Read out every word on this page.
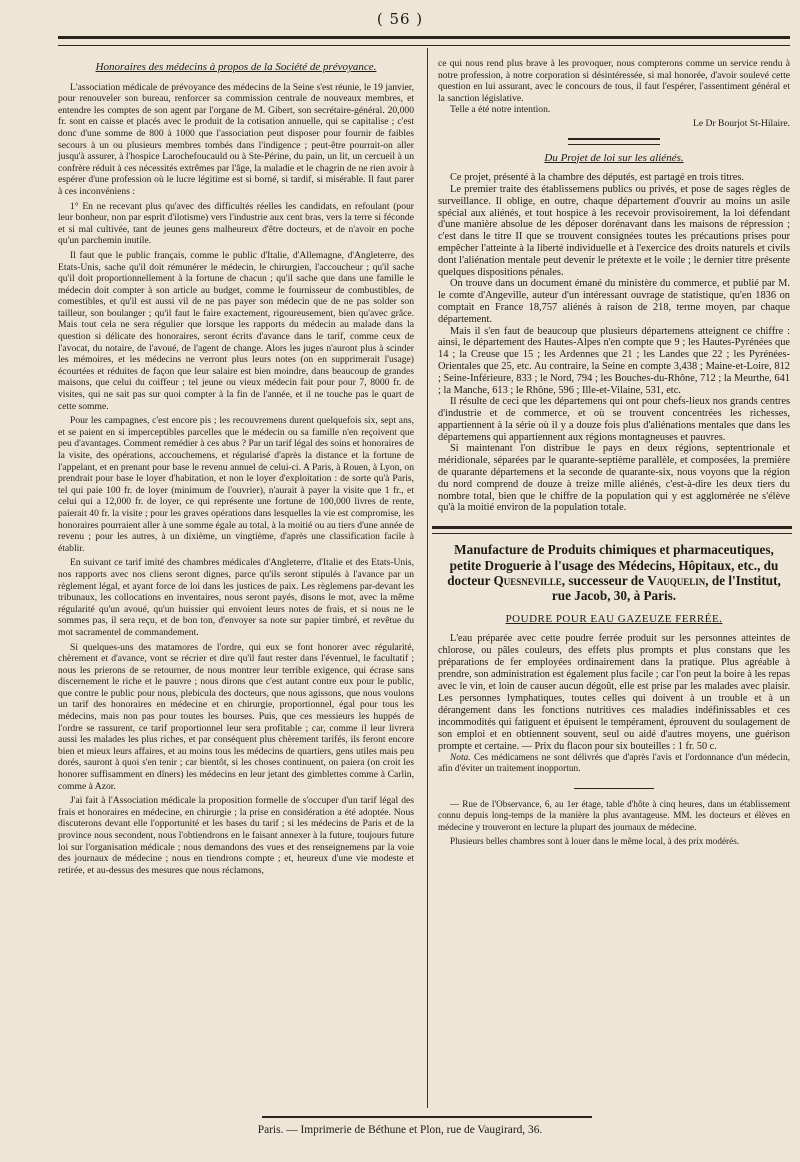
( 56 )
Honoraires des médecins à propos de la Société de prévoyance.

L'association médicale de prévoyance des médecins de la Seine s'est réunie, le 19 janvier, pour renouveler son bureau, renforcer sa commission centrale de nouveaux membres, et entendre les comptes de son agent par l'organe de M. Gibert, son secrétaire-général. 20,000 fr. sont en caisse et placés avec le produit de la cotisation annuelle, qui se capitalise ; c'est donc d'une somme de 800 à 1000 que l'association peut disposer pour fournir de faibles secours à un ou plusieurs membres tombés dans l'indigence ; peut-être pourrait-on aller jusqu'à assurer, à l'hospice Larochefoucauld ou à Ste-Périne, du pain, un lit, un cercueil à un confrère réduit à ces nécessités extrêmes par l'âge, la maladie et le chagrin de ne rien avoir à espérer d'une profession où le lucre légitime est si borné, si tardif, si misérable. Il faut parer à ces inconvéniens :

1° En ne recevant plus qu'avec des difficultés réelles les candidats, en refoulant (pour leur bonheur, non par esprit d'ilotisme) vers l'industrie aux cent bras, vers la terre si féconde et si mal cultivée, tant de jeunes gens malheureux d'être docteurs, et de n'avoir en poche qu'un parchemin inutile.

Il faut que le public français, comme le public d'Italie, d'Allemagne, d'Angleterre, des Etats-Unis, sache qu'il doit rémunérer le médecin, le chirurgien, l'accoucheur ; qu'il sache qu'il doit proportionnellement à la fortune de chacun ; qu'il sache que dans une famille le médecin doit compter à son article au budget, comme le fournisseur de combustibles, de comestibles, et qu'il est aussi vil de ne pas payer son médecin que de ne pas solder son tailleur, son boulanger ; qu'il faut le faire exactement, rigoureusement, bien qu'avec grâce. Mais tout cela ne sera régulier que lorsque les rapports du médecin au malade dans la question si délicate des honoraires, seront écrits d'avance dans le tarif, comme ceux de l'avocat, du notaire, de l'avoué, de l'agent de change. Alors les juges n'auront plus à scinder les mémoires, et les médecins ne verront plus leurs notes (on en supprimerait l'usage) écourtées et réduites de façon que leur salaire est bien moindre, dans beaucoup de grandes maisons, que celui du coiffeur ; tel jeune ou vieux médecin fait pour pour 7, 8000 fr. de visites, qui ne sait pas sur quoi compter à la fin de l'année, et il ne touche pas le quart de cette somme.

Pour les campagnes, c'est encore pis ; les recouvremens durent quelquefois six, sept ans, et se paient en si imperceptibles parcelles que le médecin ou sa famille n'en reçoivent que peu d'avantages. Comment remédier à ces abus ? Par un tarif légal des soins et honoraires de la visite, des opérations, accouchemens, et régularisé d'après la distance et la fortune de l'appelant, et en prenant pour base le revenu annuel de celui-ci. A Paris, à Rouen, à Lyon, on prendrait pour base le loyer d'habitation, et non le loyer d'exploitation : de sorte qu'à Paris, tel qui paie 100 fr. de loyer (minimum de l'ouvrier), n'aurait à payer la visite que 1 fr., et celui qui a 12,000 fr. de loyer, ce qui représente une fortune de 100,000 livres de rente, paierait 40 fr. la visite ; pour les graves opérations dans lesquelles la vie est compromise, les honoraires pourraient aller à une somme égale au total, à la moitié ou au tiers d'une année de revenu ; pour les autres, à un dixième, un vingtième, d'après une classification facile à établir.

En suivant ce tarif imité des chambres médicales d'Angleterre, d'Italie et des Etats-Unis, nos rapports avec nos cliens seront dignes, parce qu'ils seront stipulés à l'avance par un règlement légal, et ayant force de loi dans les justices de paix. Les règlemens par-devant les tribunaux, les collocations en inventaires, nous seront payés, disons le mot, avec la même régularité qu'un avoué, qu'un huissier qui envoient leurs notes de frais, et si nous ne le sommes pas, il sera reçu, et de bon ton, d'envoyer sa note sur papier timbré, et revêtue du mot sacramentel de commandement.

Si quelques-uns des matamores de l'ordre, qui eux se font honorer avec régularité, chèrement et d'avance, vont se récrier et dire qu'il faut rester dans l'éventuel, le facultatif ; nous les prierons de se retourner, de nous montrer leur terrible exigence, qui écrase sans discernement le riche et le pauvre ; nous dirons que c'est autant contre eux pour le public, que contre le public pour nous, plebicula des docteurs, que nous agissons, que nous voulons un tarif des honoraires en médecine et en chirurgie, proportionnel, égal pour tous les médecins, mais non pas pour toutes les bourses. Puis, que ces messieurs les huppés de l'ordre se rassurent, ce tarif proportionnel leur sera profitable ; car, comme il leur livrera aussi les malades les plus riches, et par conséquent plus chèrement tarifés, ils feront encore bien et mieux leurs affaires, et au moins tous les médecins de quartiers, gens utiles mais peu dorés, sauront à quoi s'en tenir ; car bientôt, si les choses continuent, on paiera (on croit les honorer suffisamment en dîners) les médecins en leur jetant des gimblettes comme à Carlin, comme à Azor.

J'ai fait à l'Association médicale la proposition formelle de s'occuper d'un tarif légal des frais et honoraires en médecine, en chirurgie ; la prise en considération a été adoptée. Nous discuterons devant elle l'opportunité et les bases du tarif ; si les médecins de Paris et de la province nous secondent, nous l'obtiendrons en le faisant annexer à la future, toujours future loi sur l'organisation médicale ; nous demandons des vues et des renseignemens par la voie des journaux de médecine ; nous en tiendrons compte ; et, heureux d'une vie modeste et retirée, et au-dessus des mesures que nous réclamons,

ce qui nous rend plus brave à les provoquer, nous compterons comme un service rendu à notre profession, à notre corporation si désintéressée, si mal honorée, d'avoir soulevé cette question en lui assurant, avec le concours de tous, il faut l'espérer, l'assentiment général et la sanction législative.

Telle a été notre intention.

Le Dr Bourjot St-Hilaire.
Du Projet de loi sur les aliénés.

Ce projet, présenté à la chambre des députés, est partagé en trois titres.

Le premier traite des établissemens publics ou privés, et pose de sages règles de surveillance. Il oblige, en outre, chaque département d'ouvrir au moins un asile spécial aux aliénés, et tout hospice à les recevoir provisoirement, la loi défendant d'une manière absolue de les déposer dorénavant dans les maisons de répression ; c'est dans le titre II que se trouvent consignées toutes les précautions prises pour empêcher l'atteinte à la liberté individuelle et à l'exercice des droits naturels et civils dont l'aliénation mentale peut devenir le prétexte et le voile ; le dernier titre présente quelques dispositions pénales.

On trouve dans un document émané du ministère du commerce, et publié par M. le comte d'Angeville, auteur d'un intéressant ouvrage de statistique, qu'en 1836 on comptait en France 18,757 aliénés à raison de 218, terme moyen, par chaque département.

Mais il s'en faut de beaucoup que plusieurs départemens atteignent ce chiffre : ainsi, le département des Hautes-Alpes n'en compte que 9 ; les Hautes-Pyrénées que 14 ; la Creuse que 15 ; les Ardennes que 21 ; les Landes que 22 ; les Pyrénées-Orientales que 25, etc. Au contraire, la Seine en compte 3,438 ; Maine-et-Loire, 812 ; Seine-Inférieure, 833 ; le Nord, 794 ; les Bouches-du-Rhône, 712 ; la Meurthe, 641 ; la Manche, 613 ; le Rhône, 596 ; Ille-et-Vilaine, 531, etc.

Il résulte de ceci que les départemens qui ont pour chefs-lieux nos grands centres d'industrie et de commerce, et où se trouvent concentrées les richesses, appartiennent à la série où il y a douze fois plus d'aliénations mentales que dans les départemens qui appartiennent aux régions montagneuses et pauvres.

Si maintenant l'on distribue le pays en deux régions, septentrionale et méridionale, séparées par le quarante-septième parallèle, et composées, la première de quarante départemens et la seconde de quarante-six, nous voyons que la région du nord comprend de douze à treize mille aliénés, c'est-à-dire les deux tiers du nombre total, bien que le chiffre de la population qui y est agglomérée ne s'élève qu'à la moitié environ de la population totale.

Manufacture de Produits chimiques et pharmaceutiques, petite Droguerie à l'usage des Médecins, Hôpitaux, etc., du docteur Quesneville, successeur de Vauquelin, de l'Institut, rue Jacob, 30, à Paris.
POUDRE POUR EAU GAZEUZE FERRÉE.

L'eau préparée avec cette poudre ferrée produit sur les personnes atteintes de chlorose, ou pâles couleurs, des effets plus prompts et plus constans que les préparations de fer employées ordinairement dans la pratique. Plus agréable à prendre, son administration est également plus facile ; car l'on peut la boire à les repas avec le vin, et loin de causer aucun dégoût, elle est prise par les malades avec plaisir. Les personnes lymphatiques, toutes celles qui doivent à un trouble et à un dérangement dans les fonctions nutritives ces maladies indéfinissables et ces incommodités qui fatiguent et épuisent le tempérament, éprouvent du soulagement de son emploi et en obtiennent souvent, seul ou aidé d'autres moyens, une guérison prompte et certaine. — Prix du flacon pour six bouteilles : 1 fr. 50 c.

Nota. Ces médicamens ne sont délivrés que d'après l'avis et l'ordonnance d'un médecin, afin d'éviter un traitement inopportun.

— Rue de l'Observance, 6, au 1er étage, table d'hôte à cinq heures, dans un établissement connu depuis long-temps de la manière la plus avantageuse. MM. les docteurs et élèves en médecine y trouveront en lecture la plupart des journaux de médecine.

Plusieurs belles chambres sont à louer dans le même local, à des prix modérés.

Paris. — Imprimerie de Béthune et Plon, rue de Vaugirard, 36.
